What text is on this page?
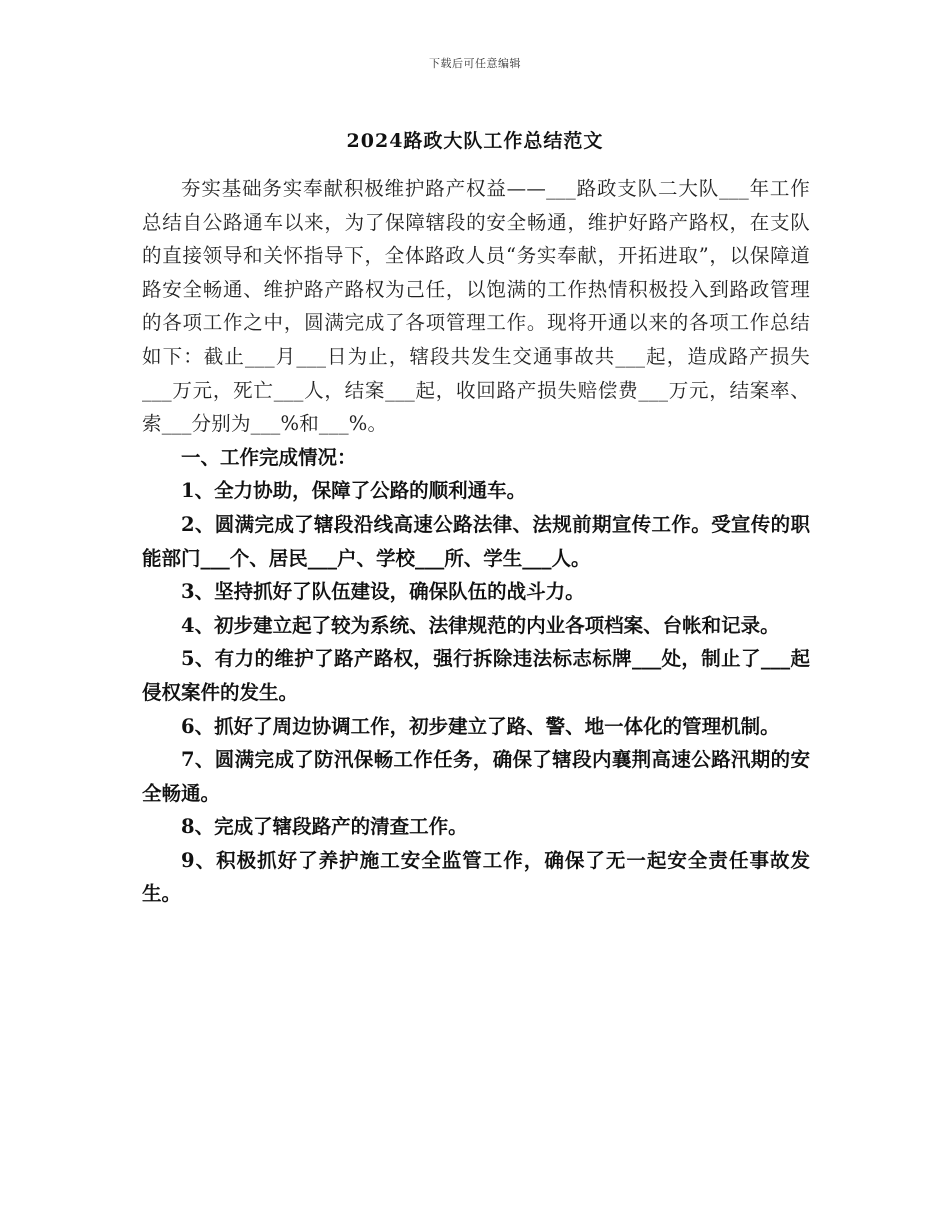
下载后可任意编辑
2024路政大队工作总结范文

夯实基础务实奉献积极维护路产权益——___路政支队二大队___年工作总结自公路通车以来，为了保障辖段的安全畅通，维护好路产路权，在支队的直接领导和关怀指导下，全体路政人员“务实奉献，开拓进取”，以保障道路安全畅通、维护路产路权为己任，以饱满的工作热情积极投入到路政管理的各项工作之中，圆满完成了各项管理工作。现将开通以来的各项工作总结如下：截止___月___日为止，辖段共发生交通事故共___起，造成路产损失___万元，死亡___人，结案___起，收回路产损失赔偿费___万元，结案率、索___分别为___%和___%。

一、工作完成情况：

1、全力协助，保障了公路的顺利通车。

2、圆满完成了辖段沿线高速公路法律、法规前期宣传工作。受宣传的职能部门___个、居民___户、学校___所、学生___人。

3、坚持抓好了队伍建设，确保队伍的战斗力。

4、初步建立起了较为系统、法律规范的内业各项档案、台帐和记录。

5、有力的维护了路产路权，强行拆除违法标志标牌___处，制止了___起侵权案件的发生。

6、抓好了周边协调工作，初步建立了路、警、地一体化的管理机制。

7、圆满完成了防汛保畅工作任务，确保了辖段内襄荆高速公路汛期的安全畅通。

8、完成了辖段路产的清查工作。

9、积极抓好了养护施工安全监管工作，确保了无一起安全责任事故发生。
